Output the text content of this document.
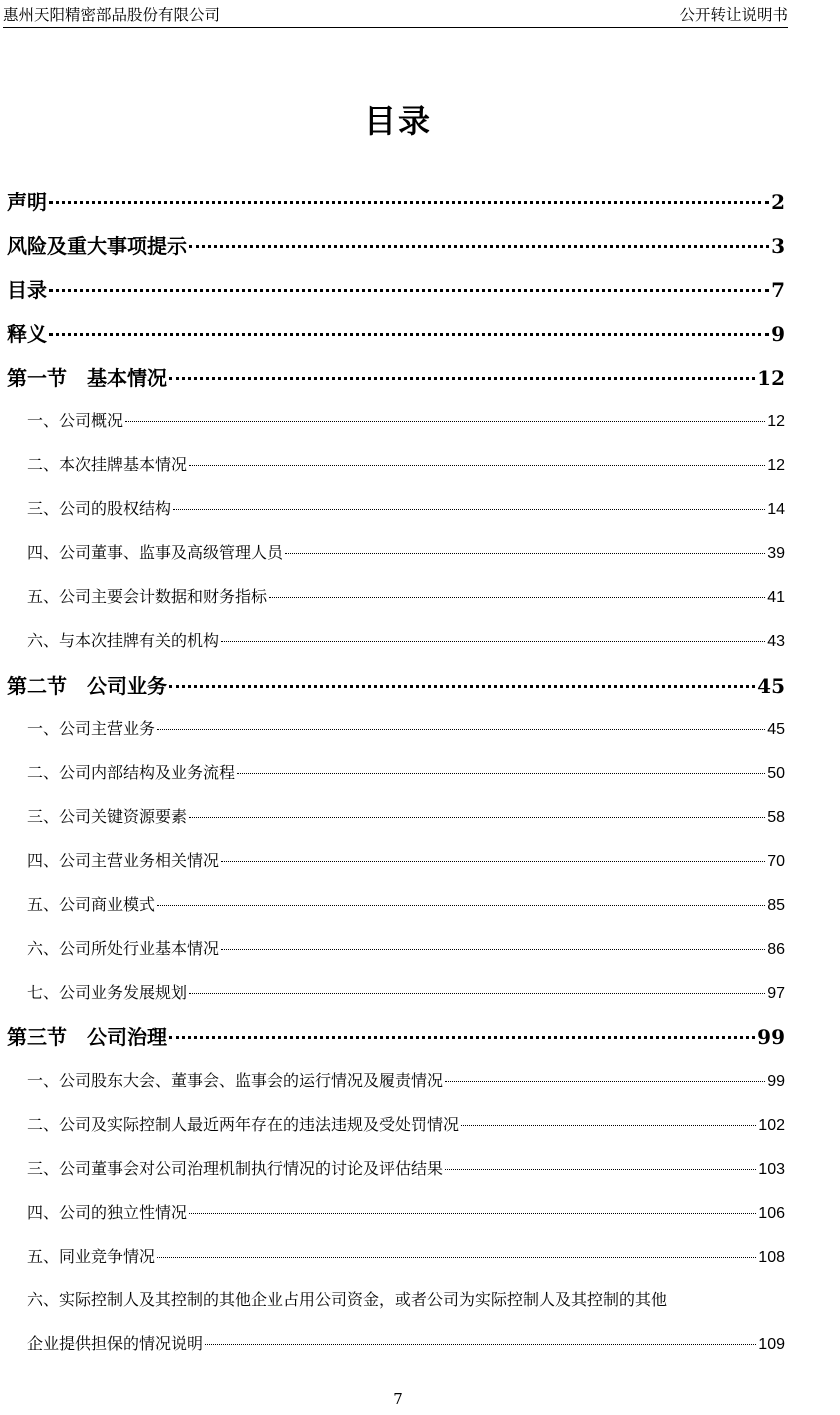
惠州天阳精密部品股份有限公司	公开转让说明书
目录
声明	2
风险及重大事项提示	3
目录	7
释义	9
第一节　基本情况	12
一、公司概况	12
二、本次挂牌基本情况	12
三、公司的股权结构	14
四、公司董事、监事及高级管理人员	39
五、公司主要会计数据和财务指标	41
六、与本次挂牌有关的机构	43
第二节　公司业务	45
一、公司主营业务	45
二、公司内部结构及业务流程	50
三、公司关键资源要素	58
四、公司主营业务相关情况	70
五、公司商业模式	85
六、公司所处行业基本情况	86
七、公司业务发展规划	97
第三节　公司治理	99
一、公司股东大会、董事会、监事会的运行情况及履责情况	99
二、公司及实际控制人最近两年存在的违法违规及受处罚情况	102
三、公司董事会对公司治理机制执行情况的讨论及评估结果	103
四、公司的独立性情况	106
五、同业竞争情况	108
六、实际控制人及其控制的其他企业占用公司资金，或者公司为实际控制人及其控制的其他
企业提供担保的情况说明	109
7
